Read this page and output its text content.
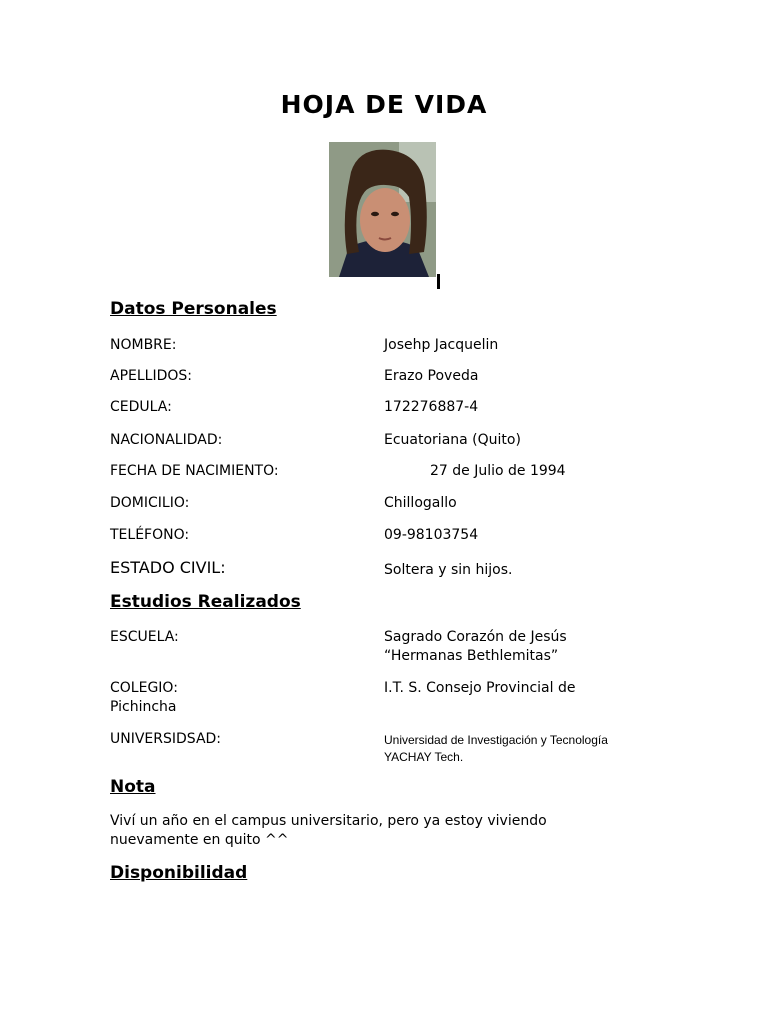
HOJA DE VIDA
Datos Personales
NOMBRE:	Josehp Jacquelin
APELLIDOS:	Erazo Poveda
CEDULA:	172276887-4
NACIONALIDAD:	Ecuatoriana (Quito)
FECHA DE NACIMIENTO:	27 de Julio de 1994
DOMICILIO:	Chillogallo
TELÉFONO:	09-98103754
ESTADO CIVIL:	Soltera y sin hijos.
Estudios Realizados
ESCUELA:	Sagrado Corazón de Jesús
“Hermanas Bethlemitas”
COLEGIO:	I.T. S. Consejo Provincial de
Pichincha
UNIVERSIDSAD:	Universidad de Investigación y Tecnología
YACHAY Tech.
Nota

Viví un año en el campus universitario, pero ya estoy viviendo

nuevamente en quito ^^

Disponibilidad
